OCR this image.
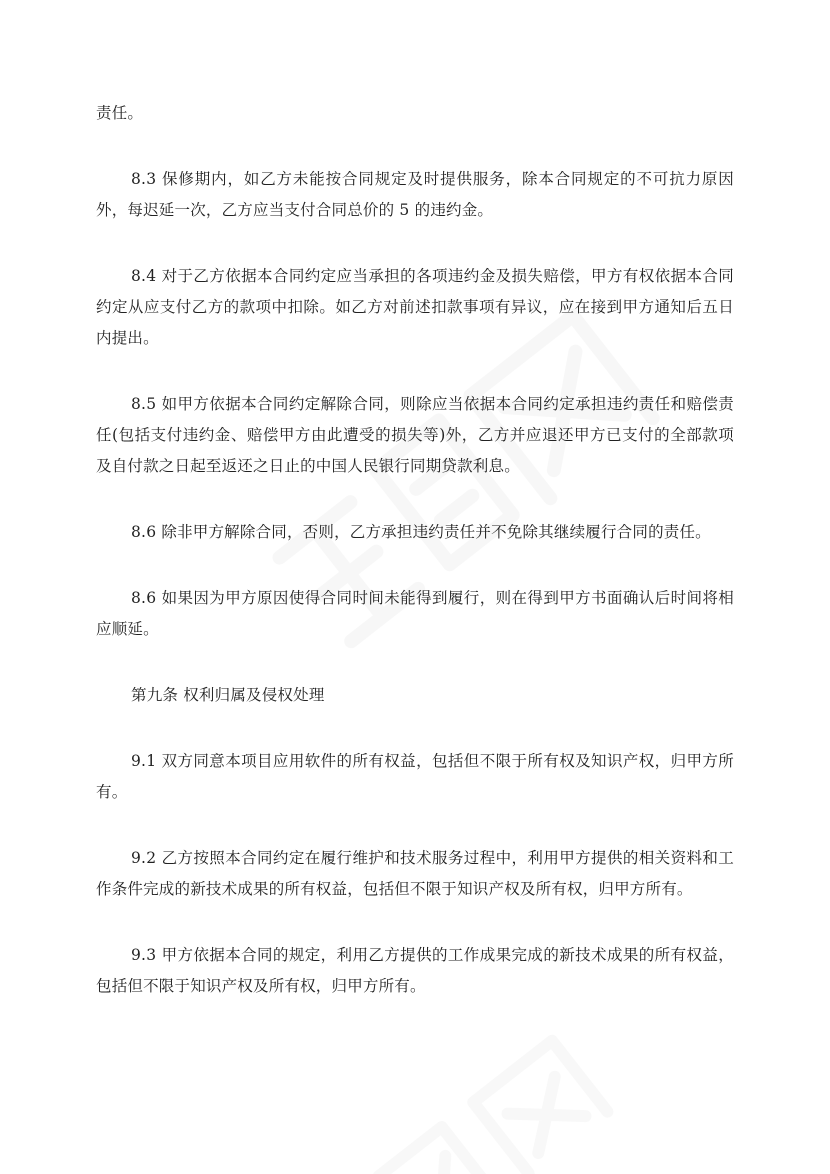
责任。

8.3 保修期内，如乙方未能按合同规定及时提供服务，除本合同规定的不可抗力原因外，每迟延一次，乙方应当支付合同总价的 5 的违约金。

8.4 对于乙方依据本合同约定应当承担的各项违约金及损失赔偿，甲方有权依据本合同约定从应支付乙方的款项中扣除。如乙方对前述扣款事项有异议，应在接到甲方通知后五日内提出。

8.5 如甲方依据本合同约定解除合同，则除应当依据本合同约定承担违约责任和赔偿责任(包括支付违约金、赔偿甲方由此遭受的损失等)外，乙方并应退还甲方已支付的全部款项及自付款之日起至返还之日止的中国人民银行同期贷款利息。

8.6 除非甲方解除合同，否则，乙方承担违约责任并不免除其继续履行合同的责任。

8.6 如果因为甲方原因使得合同时间未能得到履行，则在得到甲方书面确认后时间将相应顺延。

第九条 权利归属及侵权处理

9.1 双方同意本项目应用软件的所有权益，包括但不限于所有权及知识产权，归甲方所有。

9.2 乙方按照本合同约定在履行维护和技术服务过程中，利用甲方提供的相关资料和工作条件完成的新技术成果的所有权益，包括但不限于知识产权及所有权，归甲方所有。

9.3 甲方依据本合同的规定，利用乙方提供的工作成果完成的新技术成果的所有权益，包括但不限于知识产权及所有权，归甲方所有。
